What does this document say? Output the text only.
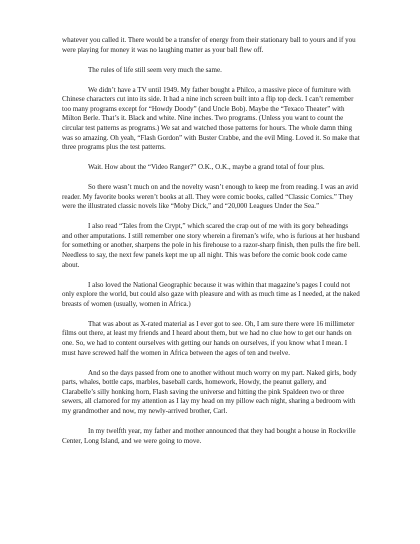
whatever you called it. There would be a transfer of energy from their stationary ball to yours and if you were playing for money it was no laughing matter as your ball flew off.

The rules of life still seem very much the same.

We didn’t have a TV until 1949. My father bought a Philco, a massive piece of furniture with Chinese characters cut into its side. It had a nine inch screen built into a flip top deck. I can’t remember too many programs except for “Howdy Doody” (and Uncle Bob). Maybe the “Texaco Theater” with Milton Berle. That’s it. Black and white. Nine inches. Two programs. (Unless you want to count the circular test patterns as programs.) We sat and watched those patterns for hours. The whole damn thing was so amazing. Oh yeah, “Flash Gordon” with Buster Crabbe, and the evil Ming. Loved it. So make that three programs plus the test patterns.

Wait. How about the “Video Ranger?” O.K., O.K., maybe a grand total of four plus.

So there wasn’t much on and the novelty wasn’t enough to keep me from reading. I was an avid reader. My favorite books weren’t books at all. They were comic books, called “Classic Comics.” They were the illustrated classic novels like “Moby Dick,” and “20,000 Leagues Under the Sea.”

I also read “Tales from the Crypt,” which scared the crap out of me with its gory beheadings and other amputations. I still remember one story wherein a fireman’s wife, who is furious at her husband for something or another, sharpens the pole in his firehouse to a razor-sharp finish, then pulls the fire bell. Needless to say, the next few panels kept me up all night. This was before the comic book code came about.

I also loved the National Geographic because it was within that magazine’s pages I could not only explore the world, but could also gaze with pleasure and with as much time as I needed, at the naked breasts of women (usually, women in Africa.)

That was about as X-rated material as I ever got to see. Oh, I am sure there were 16 millimeter films out there, at least my friends and I heard about them, but we had no clue how to get our hands on one. So, we had to content ourselves with getting our hands on ourselves, if you know what I mean. I must have screwed half the women in Africa between the ages of ten and twelve.

And so the days passed from one to another without much worry on my part. Naked girls, body parts, whales, bottle caps, marbles, baseball cards, homework, Howdy, the peanut gallery, and Clarabelle’s silly honking horn, Flash saving the universe and hitting the pink Spaldeen two or three sewers, all clamored for my attention as I lay my head on my pillow each night, sharing a bedroom with my grandmother and now, my newly-arrived brother, Carl.

In my twelfth year, my father and mother announced that they had bought a house in Rockville Center, Long Island, and we were going to move.
